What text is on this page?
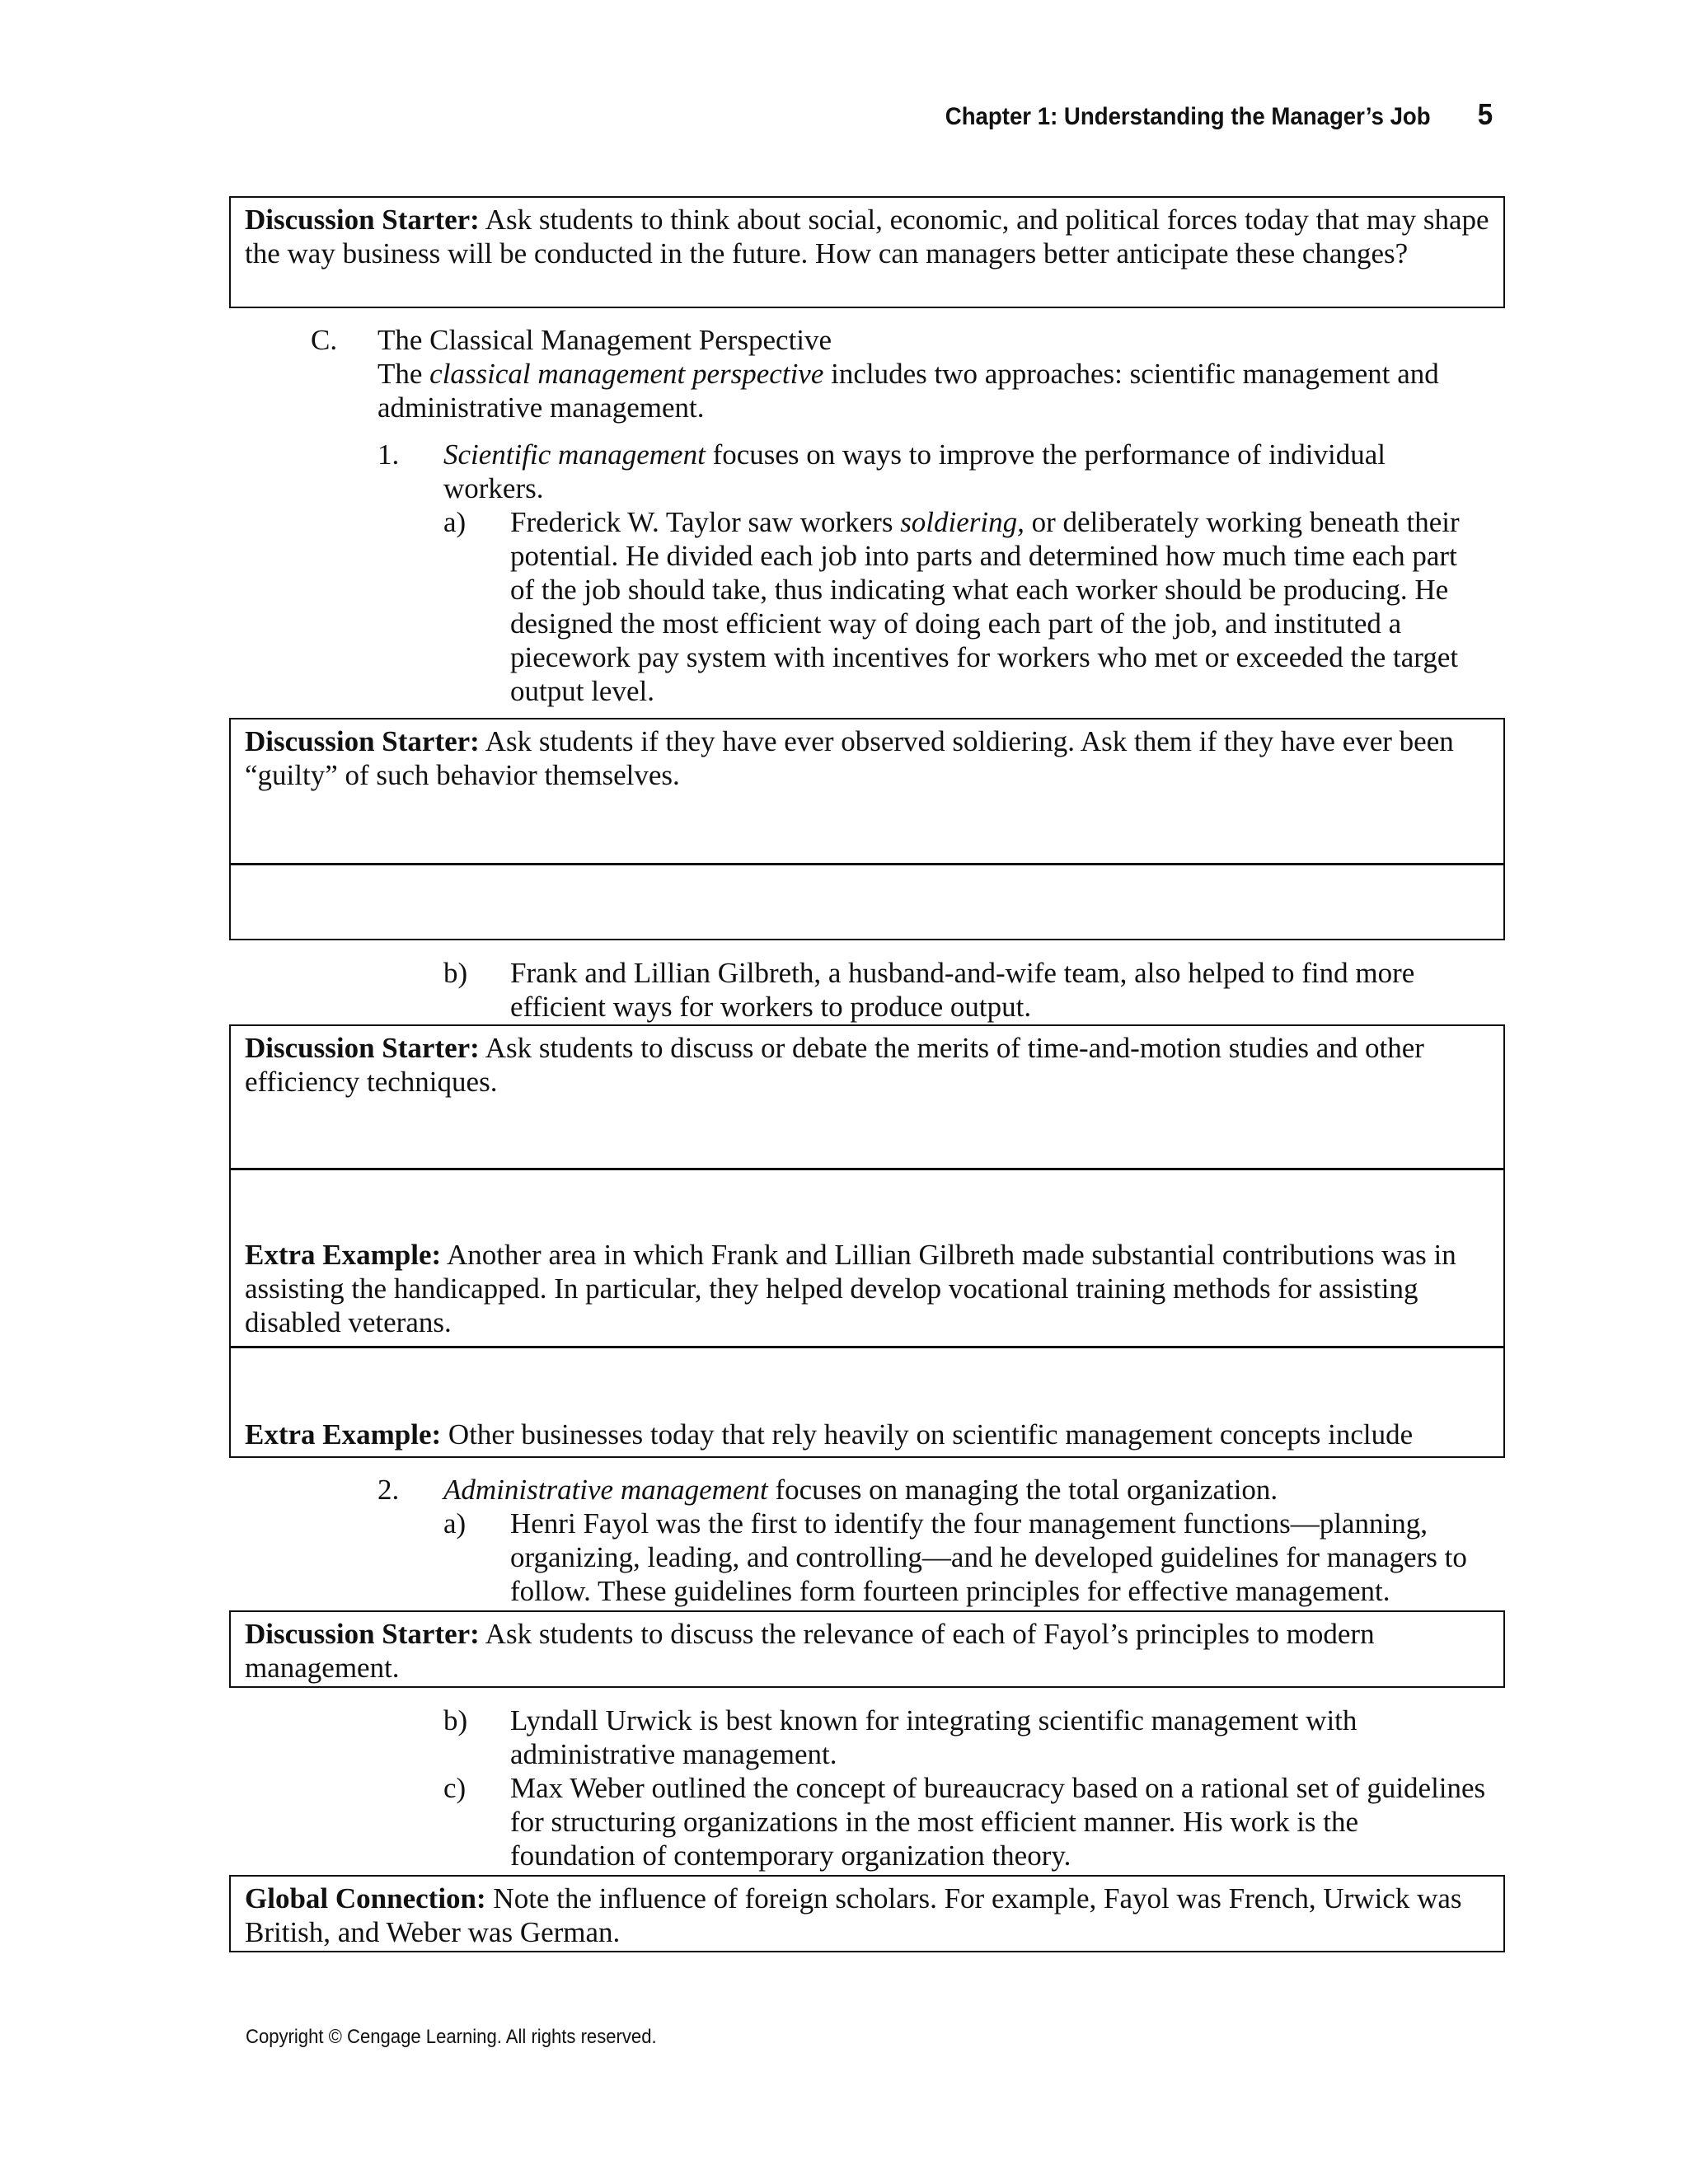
Chapter 1: Understanding the Manager’s Job 5
Discussion Starter: Ask students to think about social, economic, and political forces today that may shape the way business will be conducted in the future. How can managers better anticipate these changes?
C. The Classical Management Perspective
The classical management perspective includes two approaches: scientific management and administrative management.
1. Scientific management focuses on ways to improve the performance of individual workers.
a) Frederick W. Taylor saw workers soldiering, or deliberately working beneath their potential. He divided each job into parts and determined how much time each part of the job should take, thus indicating what each worker should be producing. He designed the most efficient way of doing each part of the job, and instituted a piecework pay system with incentives for workers who met or exceeded the target output level.
Discussion Starter: Ask students if they have ever observed soldiering. Ask them if they have ever been “guilty” of such behavior themselves.
b) Frank and Lillian Gilbreth, a husband-and-wife team, also helped to find more efficient ways for workers to produce output.
Discussion Starter: Ask students to discuss or debate the merits of time-and-motion studies and other efficiency techniques.
Extra Example: Another area in which Frank and Lillian Gilbreth made substantial contributions was in assisting the handicapped. In particular, they helped develop vocational training methods for assisting disabled veterans.
Extra Example: Other businesses today that rely heavily on scientific management concepts include
2. Administrative management focuses on managing the total organization.
a) Henri Fayol was the first to identify the four management functions—planning, organizing, leading, and controlling—and he developed guidelines for managers to follow. These guidelines form fourteen principles for effective management.
Discussion Starter: Ask students to discuss the relevance of each of Fayol’s principles to modern management.
b) Lyndall Urwick is best known for integrating scientific management with administrative management.
c) Max Weber outlined the concept of bureaucracy based on a rational set of guidelines for structuring organizations in the most efficient manner. His work is the foundation of contemporary organization theory.
Global Connection: Note the influence of foreign scholars. For example, Fayol was French, Urwick was British, and Weber was German.
Copyright © Cengage Learning. All rights reserved.
